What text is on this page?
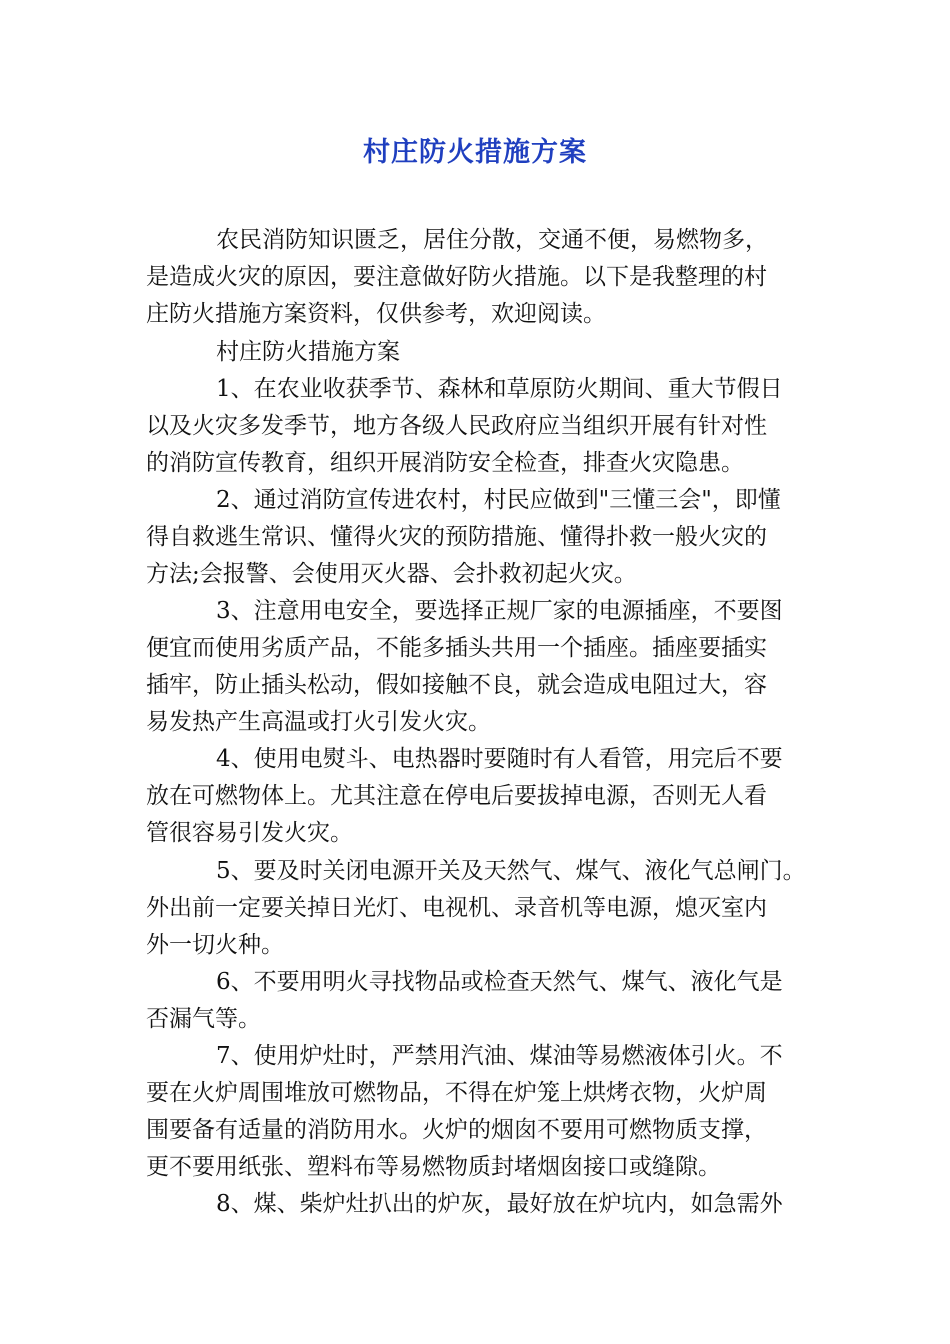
村庄防火措施方案
农民消防知识匮乏，居住分散，交通不便，易燃物多，
是造成火灾的原因，要注意做好防火措施。以下是我整理的村
庄防火措施方案资料，仅供参考，欢迎阅读。
村庄防火措施方案
1、在农业收获季节、森林和草原防火期间、重大节假日
以及火灾多发季节，地方各级人民政府应当组织开展有针对性
的消防宣传教育，组织开展消防安全检查，排查火灾隐患。
2、通过消防宣传进农村，村民应做到"三懂三会"，即懂
得自救逃生常识、懂得火灾的预防措施、懂得扑救一般火灾的
方法;会报警、会使用灭火器、会扑救初起火灾。
3、注意用电安全，要选择正规厂家的电源插座，不要图
便宜而使用劣质产品，不能多插头共用一个插座。插座要插实
插牢，防止插头松动，假如接触不良，就会造成电阻过大，容
易发热产生高温或打火引发火灾。
4、使用电熨斗、电热器时要随时有人看管，用完后不要
放在可燃物体上。尤其注意在停电后要拔掉电源，否则无人看
管很容易引发火灾。
5、要及时关闭电源开关及天然气、煤气、液化气总闸门。
外出前一定要关掉日光灯、电视机、录音机等电源，熄灭室内
外一切火种。
6、不要用明火寻找物品或检查天然气、煤气、液化气是
否漏气等。
7、使用炉灶时，严禁用汽油、煤油等易燃液体引火。不
要在火炉周围堆放可燃物品，不得在炉笼上烘烤衣物，火炉周
围要备有适量的消防用水。火炉的烟囱不要用可燃物质支撑，
更不要用纸张、塑料布等易燃物质封堵烟囱接口或缝隙。
8、煤、柴炉灶扒出的炉灰，最好放在炉坑内，如急需外
